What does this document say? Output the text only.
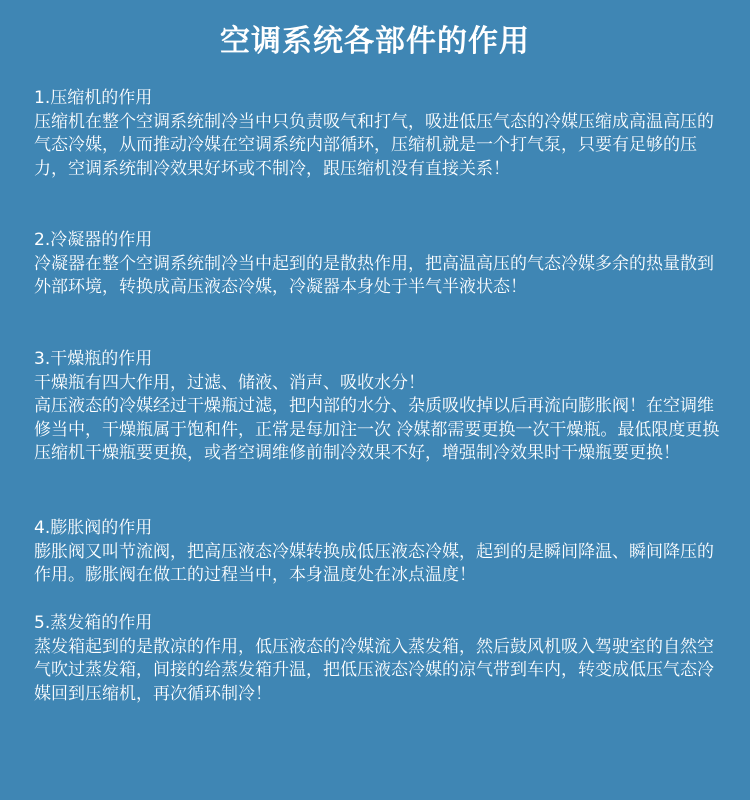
空调系统各部件的作用

1.压缩机的作用

压缩机在整个空调系统制冷当中只负责吸气和打气，吸进低压气态的冷媒压缩成高温高压的气态冷媒，从而推动冷媒在空调系统内部循环，压缩机就是一个打气泵，只要有足够的压力，空调系统制冷效果好坏或不制冷，跟压缩机没有直接关系！

2.冷凝器的作用

冷凝器在整个空调系统制冷当中起到的是散热作用，把高温高压的气态冷媒多余的热量散到外部环境，转换成高压液态冷媒，冷凝器本身处于半气半液状态！

3.干燥瓶的作用

干燥瓶有四大作用，过滤、储液、消声、吸收水分！

高压液态的冷媒经过干燥瓶过滤，把内部的水分、杂质吸收掉以后再流向膨胀阀！在空调维修当中，干燥瓶属于饱和件，正常是每加注一次 冷媒都需要更换一次干燥瓶。最低限度更换压缩机干燥瓶要更换，或者空调维修前制冷效果不好，增强制冷效果时干燥瓶要更换！

4.膨胀阀的作用

膨胀阀又叫节流阀，把高压液态冷媒转换成低压液态冷媒，起到的是瞬间降温、瞬间降压的作用。膨胀阀在做工的过程当中，本身温度处在冰点温度！

5.蒸发箱的作用

蒸发箱起到的是散凉的作用，低压液态的冷媒流入蒸发箱，然后鼓风机吸入驾驶室的自然空气吹过蒸发箱，间接的给蒸发箱升温，把低压液态冷媒的凉气带到车内，转变成低压气态冷媒回到压缩机，再次循环制冷！
